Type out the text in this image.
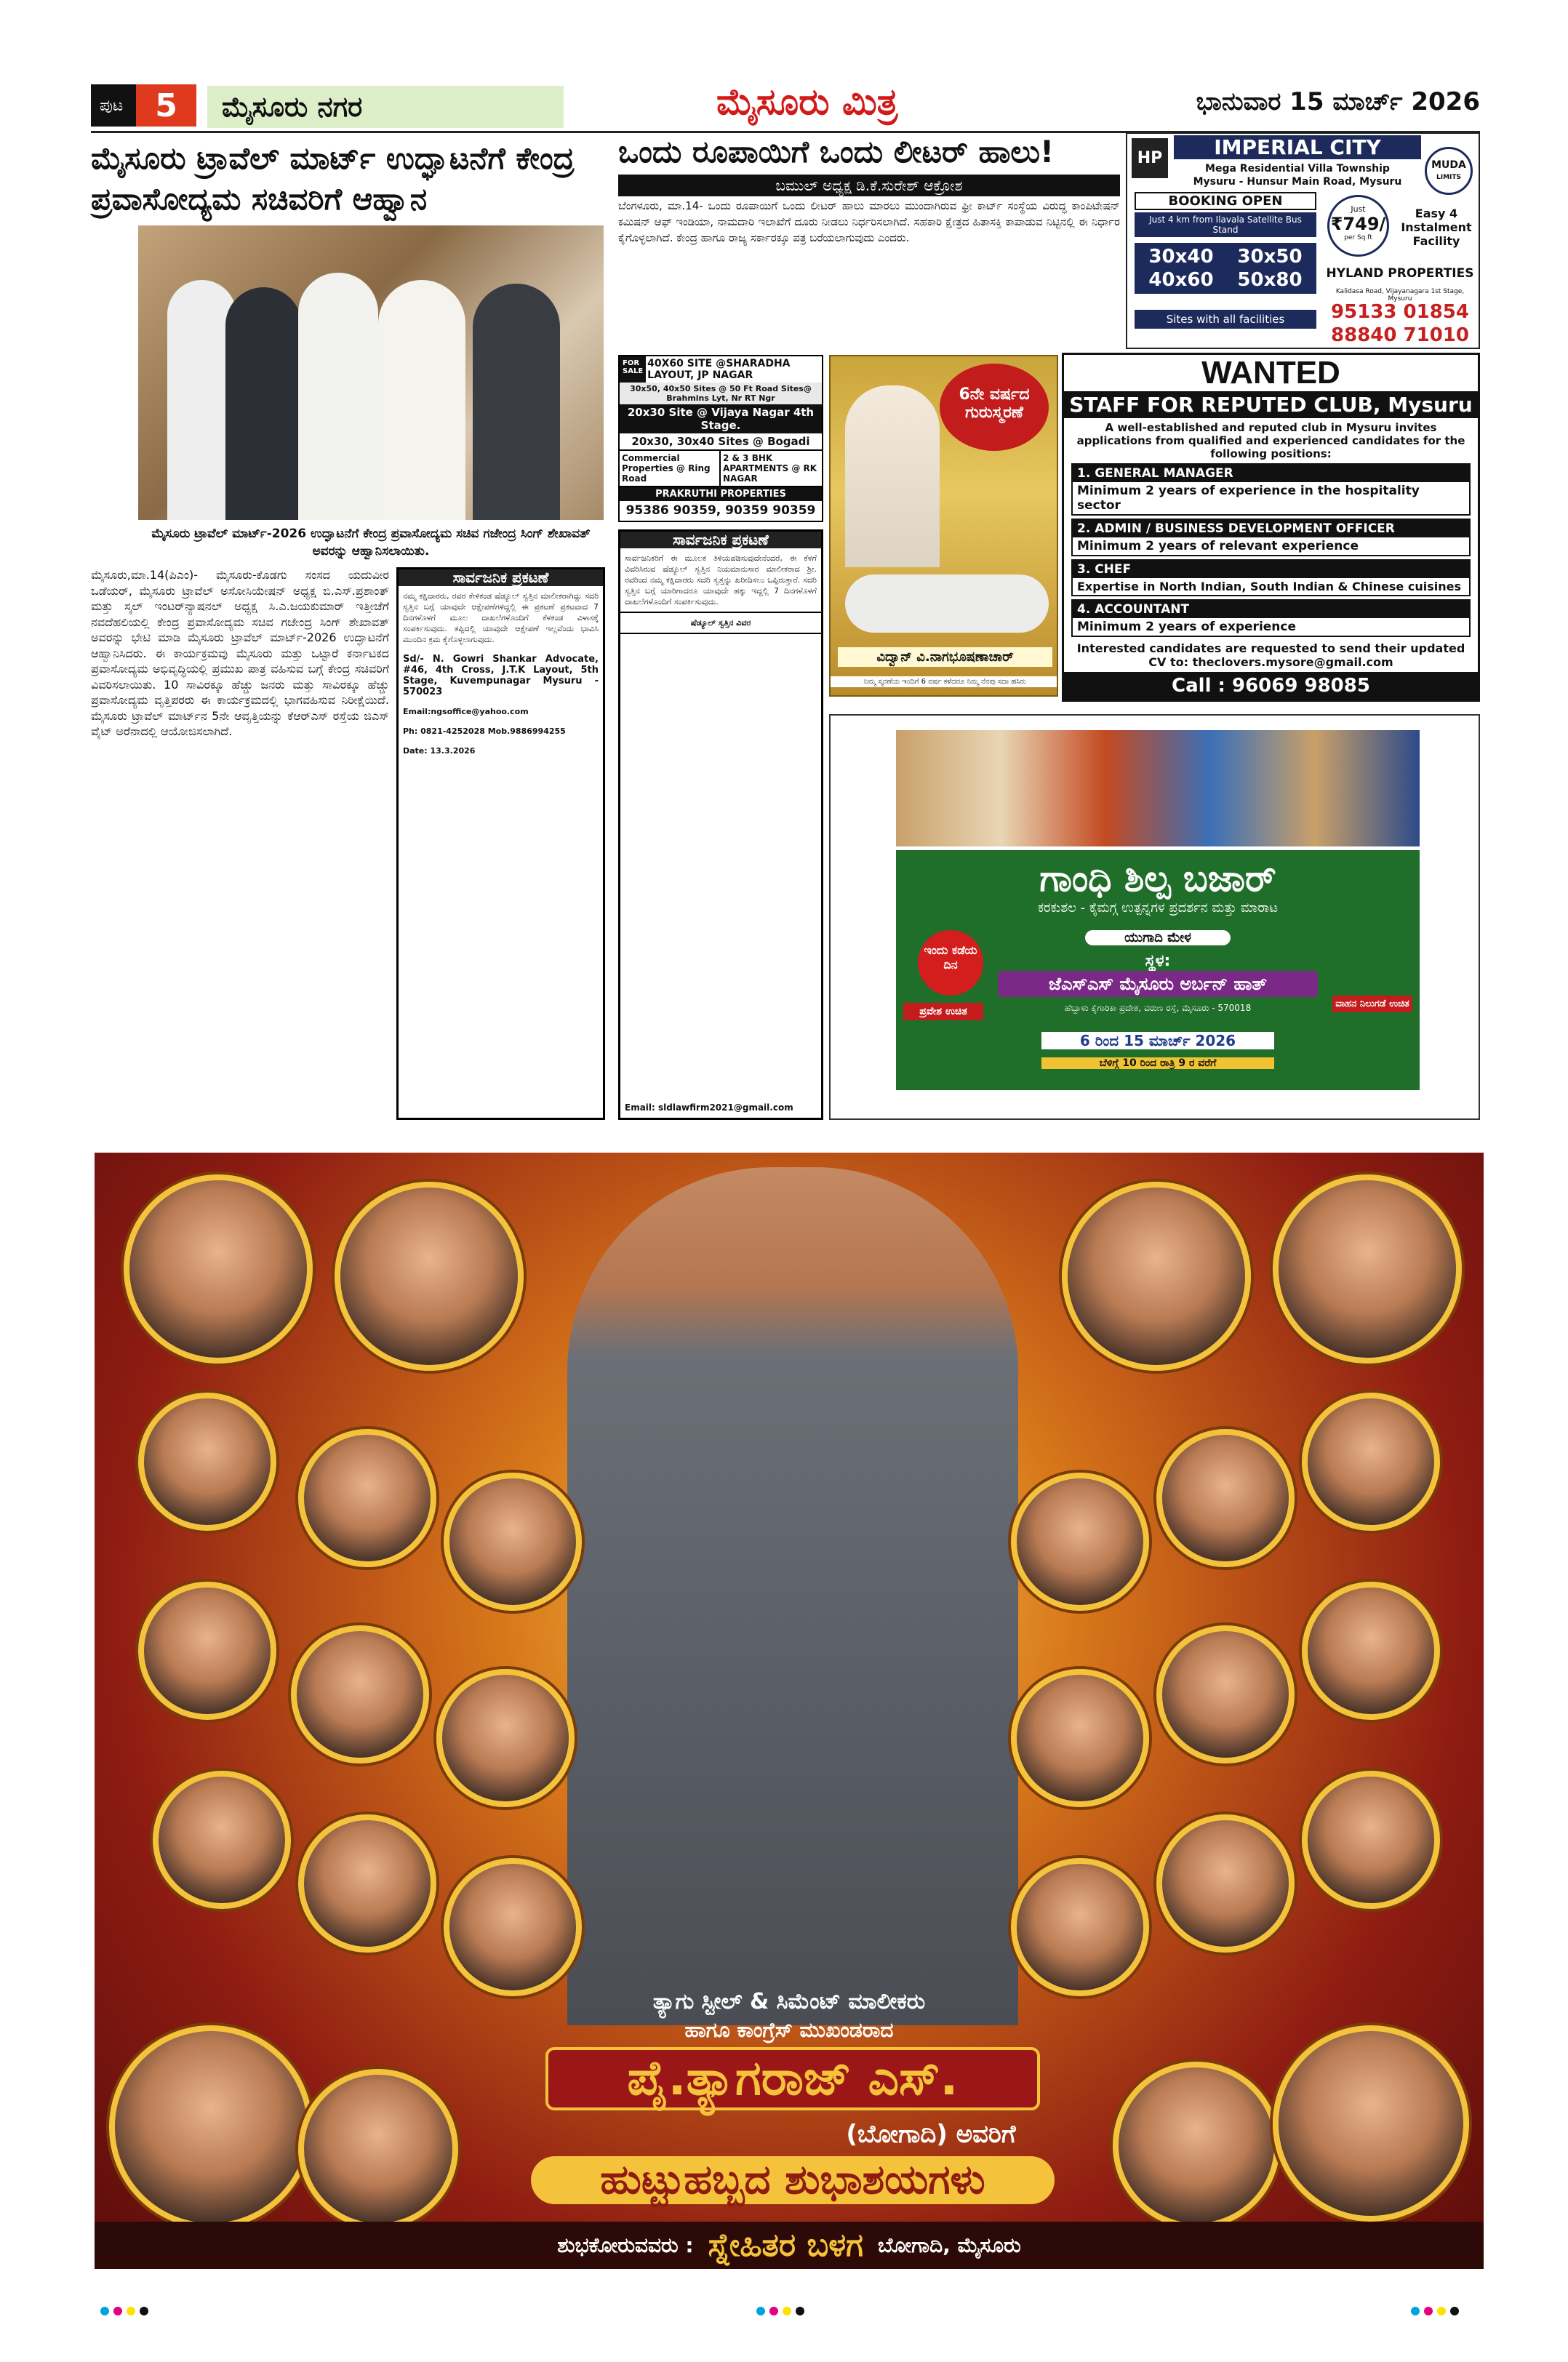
ಪುಟ 5	ಮೈಸೂರು ನಗರ	ಮೈಸೂರು ಮಿತ್ರ	ಭಾನುವಾರ 15 ಮಾರ್ಚ್ 2026
ಮೈಸೂರು ಟ್ರಾವೆಲ್ ಮಾರ್ಟ್ ಉದ್ಘಾಟನೆಗೆ ಕೇಂದ್ರ ಪ್ರವಾಸೋದ್ಯಮ ಸಚಿವರಿಗೆ ಆಹ್ವಾನ
ಮೈಸೂರು ಟ್ರಾವೆಲ್ ಮಾರ್ಟ್-2026 ಉದ್ಘಾಟನೆಗೆ ಕೇಂದ್ರ ಪ್ರವಾಸೋದ್ಯಮ ಸಚಿವ ಗಜೇಂದ್ರ ಸಿಂಗ್ ಶೇಖಾವತ್ ಅವರನ್ನು ಆಹ್ವಾನಿಸಲಾಯಿತು.
ಮೈಸೂರು,ಮಾ.14(ಪಿಎಂ)- ಮೈಸೂರು-ಕೊಡಗು ಸಂಸದ ಯದುವೀರ ಒಡೆಯರ್, ಮೈಸೂರು ಟ್ರಾವೆಲ್ ಅಸೋಸಿಯೇಷನ್ ಅಧ್ಯಕ್ಷ ಬಿ.ಎಸ್.ಪ್ರಶಾಂತ್ ಮತ್ತು ಸ್ಕಲ್ ಇಂಟರ್‌ನ್ಯಾಷನಲ್ ಅಧ್ಯಕ್ಷ ಸಿ.ಎ.ಜಯಕುಮಾರ್ ಇತ್ತೀಚೆಗೆ ನವದೆಹಲಿಯಲ್ಲಿ ಕೇಂದ್ರ ಪ್ರವಾಸೋದ್ಯಮ ಸಚಿವ ಗಜೇಂದ್ರ ಸಿಂಗ್ ಶೇಖಾವತ್ ಅವರನ್ನು ಭೇಟಿ ಮಾಡಿ ಮೈಸೂರು ಟ್ರಾವೆಲ್ ಮಾರ್ಟ್-2026 ಉದ್ಘಾಟನೆಗೆ ಆಹ್ವಾನಿಸಿದರು. ಈ ಕಾರ್ಯಕ್ರಮವು ಮೈಸೂರು ಮತ್ತು ಒಟ್ಟಾರೆ ಕರ್ನಾಟಕದ ಪ್ರವಾಸೋದ್ಯಮ ಅಭಿವೃದ್ಧಿಯಲ್ಲಿ ಪ್ರಮುಖ ಪಾತ್ರ ವಹಿಸುವ ಬಗ್ಗೆ ಕೇಂದ್ರ ಸಚಿವರಿಗೆ ವಿವರಿಸಲಾಯಿತು. 10 ಸಾವಿರಕ್ಕೂ ಹೆಚ್ಚು ಜನರು ಮತ್ತು ಸಾವಿರಕ್ಕೂ ಹೆಚ್ಚು ಪ್ರವಾಸೋದ್ಯಮ ವೃತ್ತಿಪರರು ಈ ಕಾರ್ಯಕ್ರಮದಲ್ಲಿ ಭಾಗವಹಿಸುವ ನಿರೀಕ್ಷೆಯಿದೆ. ಮೈಸೂರು ಟ್ರಾವೆಲ್ ಮಾರ್ಟ್‌ನ 5ನೇ ಆವೃತ್ತಿಯನ್ನು ಕೆಆರ್‌ಎಸ್ ರಸ್ತೆಯ ಜಿಎಸ್ ವೈಟ್ ಅರೆನಾದಲ್ಲಿ ಆಯೋಜಿಸಲಾಗಿದೆ.
ಸಾರ್ವಜನಿಕ ಪ್ರಕಟಣೆ
ನಮ್ಮ ಕಕ್ಷಿದಾರರು, ರವರ ಕೇಳಿಕಂಡ ಷೆಡ್ಯೂಲ್ ಸ್ವತ್ತಿನ ಮಾಲೀಕರಾಗಿದ್ದು ಸದರಿ ಸ್ವತ್ತಿನ ಬಗ್ಗೆ ಯಾವುದೇ ಆಕ್ಷೇಪಣೆಗಳಿದ್ದಲ್ಲಿ ಈ ಪ್ರಕಟಣೆ ಪ್ರಕಟವಾದ 7 ದಿನಗಳೊಳಗೆ ಮೂಲ ದಾಖಲೆಗಳೊಂದಿಗೆ ಕೆಳಕಂಡ ವಿಳಾಸಕ್ಕೆ ಸಂಪರ್ಕಿಸುವುದು. ತಪ್ಪಿದಲ್ಲಿ ಯಾವುದೇ ಆಕ್ಷೇಪಣೆ ಇಲ್ಲವೆಂದು ಭಾವಿಸಿ ಮುಂದಿನ ಕ್ರಮ ಕೈಗೊಳ್ಳಲಾಗುವುದು.
Sd/- N. Gowri Shankar Advocate, #46, 4th Cross, J.T.K Layout, 5th Stage, Kuvempunagar Mysuru - 570023
Email:ngsoffice@yahoo.com
Ph: 0821-4252028 Mob.9886994255
Date: 13.3.2026
ಒಂದು ರೂಪಾಯಿಗೆ ಒಂದು ಲೀಟರ್ ಹಾಲು!
ಬಮುಲ್ ಅಧ್ಯಕ್ಷ ಡಿ.ಕೆ.ಸುರೇಶ್ ಆಕ್ರೋಶ
ಬೆಂಗಳೂರು, ಮಾ.14- ಒಂದು ರೂಪಾಯಿಗೆ ಒಂದು ಲೀಟರ್ ಹಾಲು ಮಾರಲು ಮುಂದಾಗಿರುವ ಫ್ರೀ ಕಾರ್ಟ್ ಸಂಸ್ಥೆಯ ವಿರುದ್ಧ ಕಾಂಪಿಟೇಷನ್ ಕಮಿಷನ್ ಆಫ್ ಇಂಡಿಯಾ, ನಾಮದಾರಿ ಇಲಾಖೆಗೆ ದೂರು ನೀಡಲು ನಿರ್ಧರಿಸಲಾಗಿದೆ. ಸಹಕಾರಿ ಕ್ಷೇತ್ರದ ಹಿತಾಸಕ್ತಿ ಕಾಪಾಡುವ ನಿಟ್ಟಿನಲ್ಲಿ ಈ ನಿರ್ಧಾರ ಕೈಗೊಳ್ಳಲಾಗಿದೆ. ಕೇಂದ್ರ ಹಾಗೂ ರಾಜ್ಯ ಸರ್ಕಾರಕ್ಕೂ ಪತ್ರ ಬರೆಯಲಾಗುವುದು ಎಂದರು.
HP	IMPERIAL CITY
Mega Residential Villa Township
Mysuru - Hunsur Main Road, Mysuru
MUDA
LIMITS
BOOKING OPEN
Just 4 km from Ilavala Satellite Bus Stand
30x40	30x50
40x60	50x80
Sites with all facilities
Just
₹749/
per Sq.ft
Easy 4 Instalment Facility
HYLAND PROPERTIES
Kalidasa Road, Vijayanagara 1st Stage, Mysuru
95133 01854
88840 71010
FOR SALE
40X60 SITE @SHARADHA LAYOUT, JP NAGAR
30x50, 40x50 Sites @ 50 Ft Road Sites@ Brahmins Lyt, Nr RT Ngr
20x30 Site @ Vijaya Nagar 4th Stage.
20x30, 30x40 Sites @ Bogadi
Commercial Properties @ Ring Road
2 & 3 BHK APARTMENTS @ RK NAGAR
PRAKRUTHI PROPERTIES
95386 90359, 90359 90359
6ನೇ ವರ್ಷದ ಗುರುಸ್ಮರಣೆ
ವಿದ್ವಾನ್ ವಿ.ನಾಗಭೂಷಣಾಚಾರ್
ನಿಮ್ಮ ಸ್ಮರಣೆಯ ಇಂದಿಗೆ 6 ವರ್ಷ ಕಳೆದರೂ ನಿಮ್ಮ ನೆನಪು ಸದಾ ಹಸಿರು
ಸಾರ್ವಜನಿಕ ಪ್ರಕಟಣೆ
ಸಾರ್ವಜನಿಕರಿಗೆ ಈ ಮೂಲಕ ತಿಳಿಯಪಡಿಸುವುದೇನೆಂದರೆ, ಈ ಕೆಳಗೆ ವಿವರಿಸಿರುವ ಷೆಡ್ಯೂಲ್ ಸ್ವತ್ತಿನ ನಿಯಮಾನುಸಾರ ಮಾಲೀಕರಾದ ಶ್ರೀ. ರವರಿಂದ ನಮ್ಮ ಕಕ್ಷಿದಾರರು ಸದರಿ ಸ್ವತ್ತನ್ನು ಖರೀದಿಸಲು ಒಪ್ಪಿರುತ್ತಾರೆ. ಸದರಿ ಸ್ವತ್ತಿನ ಬಗ್ಗೆ ಯಾರಿಗಾದರೂ ಯಾವುದೇ ಹಕ್ಕು ಇದ್ದಲ್ಲಿ 7 ದಿನಗಳೊಳಗೆ ದಾಖಲೆಗಳೊಂದಿಗೆ ಸಂಪರ್ಕಿಸುವುದು.
ಷೆಡ್ಯೂಲ್ ಸ್ವತ್ತಿನ ವಿವರ
Email: sldlawfirm2021@gmail.com
WANTED
STAFF FOR REPUTED CLUB, Mysuru
A well-established and reputed club in Mysuru invites applications from qualified and experienced candidates for the following positions:
1. GENERAL MANAGER
Minimum 2 years of experience in the hospitality sector
2. ADMIN / BUSINESS DEVELOPMENT OFFICER
Minimum 2 years of relevant experience
3. CHEF
Expertise in North Indian, South Indian & Chinese cuisines
4. ACCOUNTANT
Minimum 2 years of experience
Interested candidates are requested to send their updated CV to: theclovers.mysore@gmail.com
Call : 96069 98085
ಗಾಂಧಿ ಶಿಲ್ಪ ಬಜಾರ್
ಕರಕುಶಲ - ಕೈಮಗ್ಗ ಉತ್ಪನ್ನಗಳ ಪ್ರದರ್ಶನ ಮತ್ತು ಮಾರಾಟ
ಇಂದು ಕಡೆಯ ದಿನ
ಯುಗಾದಿ ಮೇಳ
ಸ್ಥಳ:
ಜೆಎಸ್‌ಎಸ್ ಮೈಸೂರು ಅರ್ಬನ್ ಹಾತ್
ಹೆಬ್ಬಾಳು ಕೈಗಾರಿಕಾ ಪ್ರದೇಶ, ವರುಣ ರಸ್ತೆ, ಮೈಸೂರು - 570018
ಪ್ರವೇಶ ಉಚಿತ
ವಾಹನ ನಿಲುಗಡೆ ಉಚಿತ
6 ರಿಂದ 15 ಮಾರ್ಚ್ 2026
ಬೆಳಿಗ್ಗೆ 10 ರಿಂದ ರಾತ್ರಿ 9 ರ ವರೆಗೆ
ತ್ಯಾಗು ಸ್ಟೀಲ್ & ಸಿಮೆಂಟ್ ಮಾಲೀಕರು
ಹಾಗೂ ಕಾಂಗ್ರೆಸ್ ಮುಖಂಡರಾದ
ಪೈ.ತ್ಯಾಗರಾಜ್ ಎಸ್.
(ಬೋಗಾದಿ) ಅವರಿಗೆ
ಹುಟ್ಟುಹಬ್ಬದ ಶುಭಾಶಯಗಳು
ಶುಭಕೋರುವವರು : ಸ್ನೇಹಿತರ ಬಳಗ ಬೋಗಾದಿ, ಮೈಸೂರು
